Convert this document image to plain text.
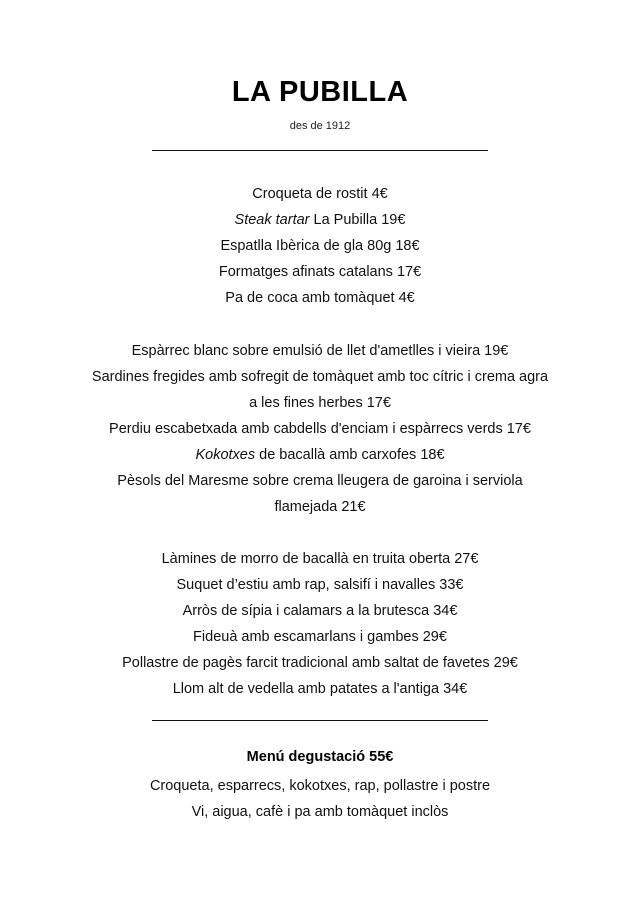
LA PUBILLA
des de 1912
Croqueta de rostit 4€
Steak tartar La Pubilla 19€
Espatlla Ibèrica de gla 80g 18€
Formatges afinats catalans 17€
Pa de coca amb tomàquet 4€
Espàrrec blanc sobre emulsió de llet d'ametlles i vieira 19€
Sardines fregides amb sofregit de tomàquet amb toc cítric i crema agra
a les fines herbes 17€
Perdiu escabetxada amb cabdells d'enciam i espàrrecs verds 17€
Kokotxes de bacallà amb carxofes 18€
Pèsols del Maresme sobre crema lleugera de garoina i serviola
flamejada 21€
Làmines de morro de bacallà en truita oberta 27€
Suquet d’estiu amb rap, salsifí i navalles 33€
Arròs de sípia i calamars a la brutesca 34€
Fideuà amb escamarlans i gambes 29€
Pollastre de pagès farcit tradicional amb saltat de favetes 29€
Llom alt de vedella amb patates a l'antiga 34€
Menú degustació 55€
Croqueta, esparrecs, kokotxes, rap, pollastre i postre
Vi, aigua, cafè i pa amb tomàquet inclòs
